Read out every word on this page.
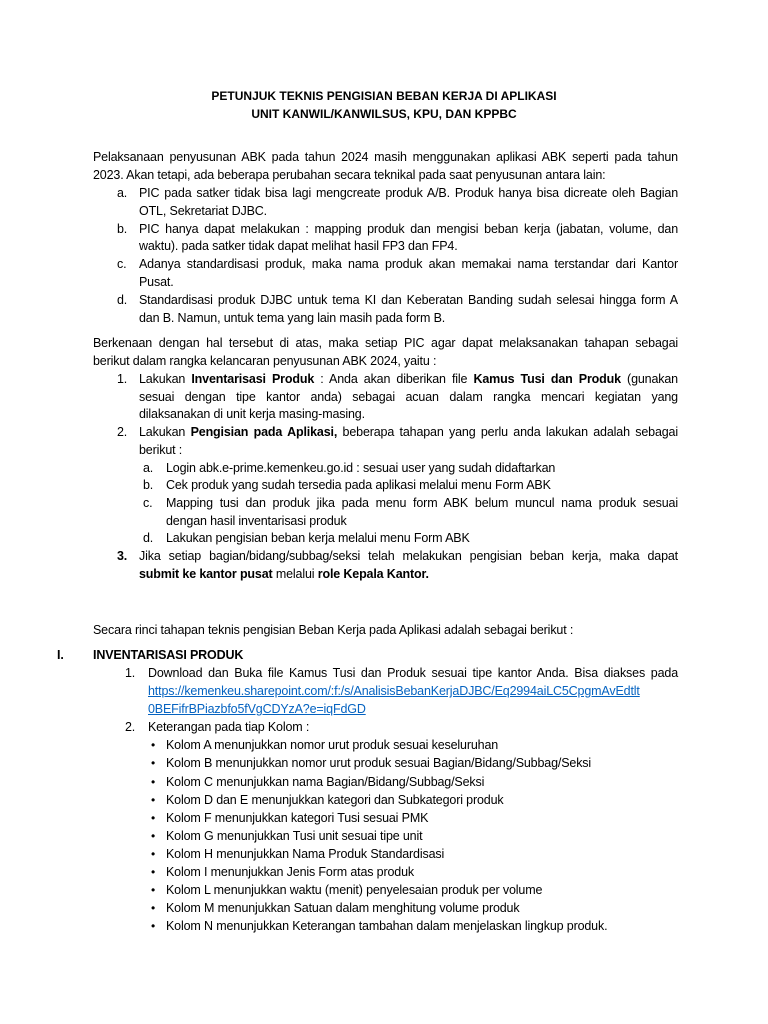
PETUNJUK TEKNIS PENGISIAN BEBAN KERJA DI APLIKASI
UNIT KANWIL/KANWILSUS, KPU, DAN KPPBC
Pelaksanaan penyusunan ABK pada tahun 2024 masih menggunakan aplikasi ABK seperti pada tahun
2023. Akan tetapi, ada beberapa perubahan secara teknikal pada saat penyusunan antara lain:
a. PIC pada satker tidak bisa lagi mengcreate produk A/B. Produk hanya bisa dicreate oleh Bagian
OTL, Sekretariat DJBC.
b. PIC hanya dapat melakukan : mapping produk dan mengisi beban kerja (jabatan, volume, dan
waktu). pada satker tidak dapat melihat hasil FP3 dan FP4.
c. Adanya standardisasi produk, maka nama produk akan memakai nama terstandar dari Kantor
Pusat.
d. Standardisasi produk DJBC untuk tema KI dan Keberatan Banding sudah selesai hingga form A
dan B. Namun, untuk tema yang lain masih pada form B.
Berkenaan dengan hal tersebut di atas, maka setiap PIC agar dapat melaksanakan tahapan sebagai
berikut dalam rangka kelancaran penyusunan ABK 2024, yaitu :
1. Lakukan Inventarisasi Produk : Anda akan diberikan file Kamus Tusi dan Produk (gunakan
sesuai dengan tipe kantor anda) sebagai acuan dalam rangka mencari kegiatan yang
dilaksanakan di unit kerja masing-masing.
2. Lakukan Pengisian pada Aplikasi, beberapa tahapan yang perlu anda lakukan adalah sebagai
berikut :
a. Login abk.e-prime.kemenkeu.go.id : sesuai user yang sudah didaftarkan
b. Cek produk yang sudah tersedia pada aplikasi melalui menu Form ABK
c. Mapping tusi dan produk jika pada menu form ABK belum muncul nama produk sesuai
dengan hasil inventarisasi produk
d. Lakukan pengisian beban kerja melalui menu Form ABK
3. Jika setiap bagian/bidang/subbag/seksi telah melakukan pengisian beban kerja, maka dapat
submit ke kantor pusat melalui role Kepala Kantor.
Secara rinci tahapan teknis pengisian Beban Kerja pada Aplikasi adalah sebagai berikut :
I. INVENTARISASI PRODUK
1. Download dan Buka file Kamus Tusi dan Produk sesuai tipe kantor Anda. Bisa diakses pada
https://kemenkeu.sharepoint.com/:f:/s/AnalisisBebanKerjaDJBC/Eq2994aiLC5CpgmAvEdtlt
0BEFifrBPiazbfo5fVgCDYzA?e=iqFdGD
2. Keterangan pada tiap Kolom :
• Kolom A menunjukkan nomor urut produk sesuai keseluruhan
• Kolom B menunjukkan nomor urut produk sesuai Bagian/Bidang/Subbag/Seksi
• Kolom C menunjukkan nama Bagian/Bidang/Subbag/Seksi
• Kolom D dan E menunjukkan kategori dan Subkategori produk
• Kolom F menunjukkan kategori Tusi sesuai PMK
• Kolom G menunjukkan Tusi unit sesuai tipe unit
• Kolom H menunjukkan Nama Produk Standardisasi
• Kolom I menunjukkan Jenis Form atas produk
• Kolom L menunjukkan waktu (menit) penyelesaian produk per volume
• Kolom M menunjukkan Satuan dalam menghitung volume produk
• Kolom N menunjukkan Keterangan tambahan dalam menjelaskan lingkup produk.
